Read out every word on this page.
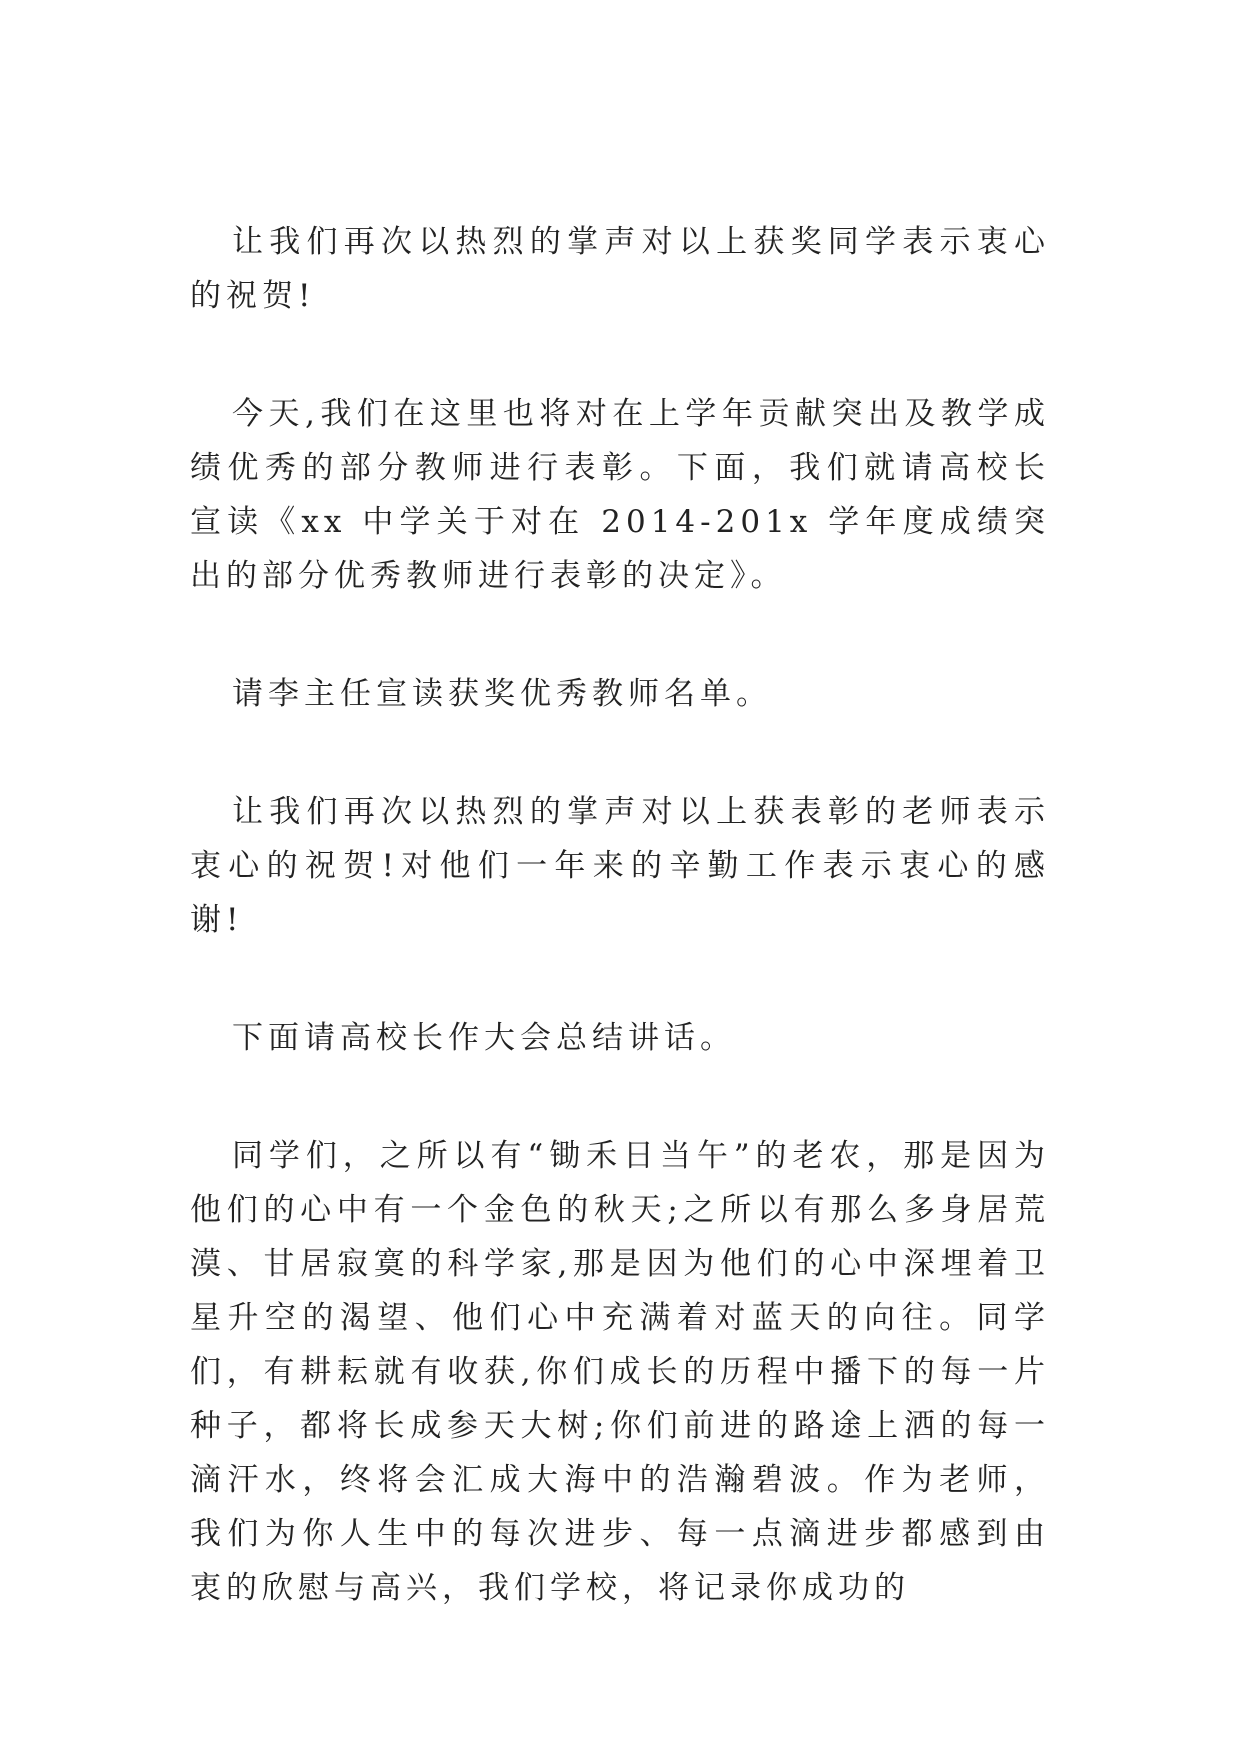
让我们再次以热烈的掌声对以上获奖同学表示衷心的祝贺!

今天,我们在这里也将对在上学年贡献突出及教学成绩优秀的部分教师进行表彰。下面，我们就请高校长宣读《xx 中学关于对在 2014-201x 学年度成绩突出的部分优秀教师进行表彰的决定》。

请李主任宣读获奖优秀教师名单。

让我们再次以热烈的掌声对以上获表彰的老师表示衷心的祝贺!对他们一年来的辛勤工作表示衷心的感谢!

下面请高校长作大会总结讲话。

同学们，之所以有“锄禾日当午”的老农，那是因为他们的心中有一个金色的秋天;之所以有那么多身居荒漠、甘居寂寞的科学家,那是因为他们的心中深埋着卫星升空的渴望、他们心中充满着对蓝天的向往。同学们，有耕耘就有收获,你们成长的历程中播下的每一片种子，都将长成参天大树;你们前进的路途上洒的每一滴汗水，终将会汇成大海中的浩瀚碧波。作为老师，我们为你人生中的每次进步、每一点滴进步都感到由衷的欣慰与高兴，我们学校，将记录你成功的
